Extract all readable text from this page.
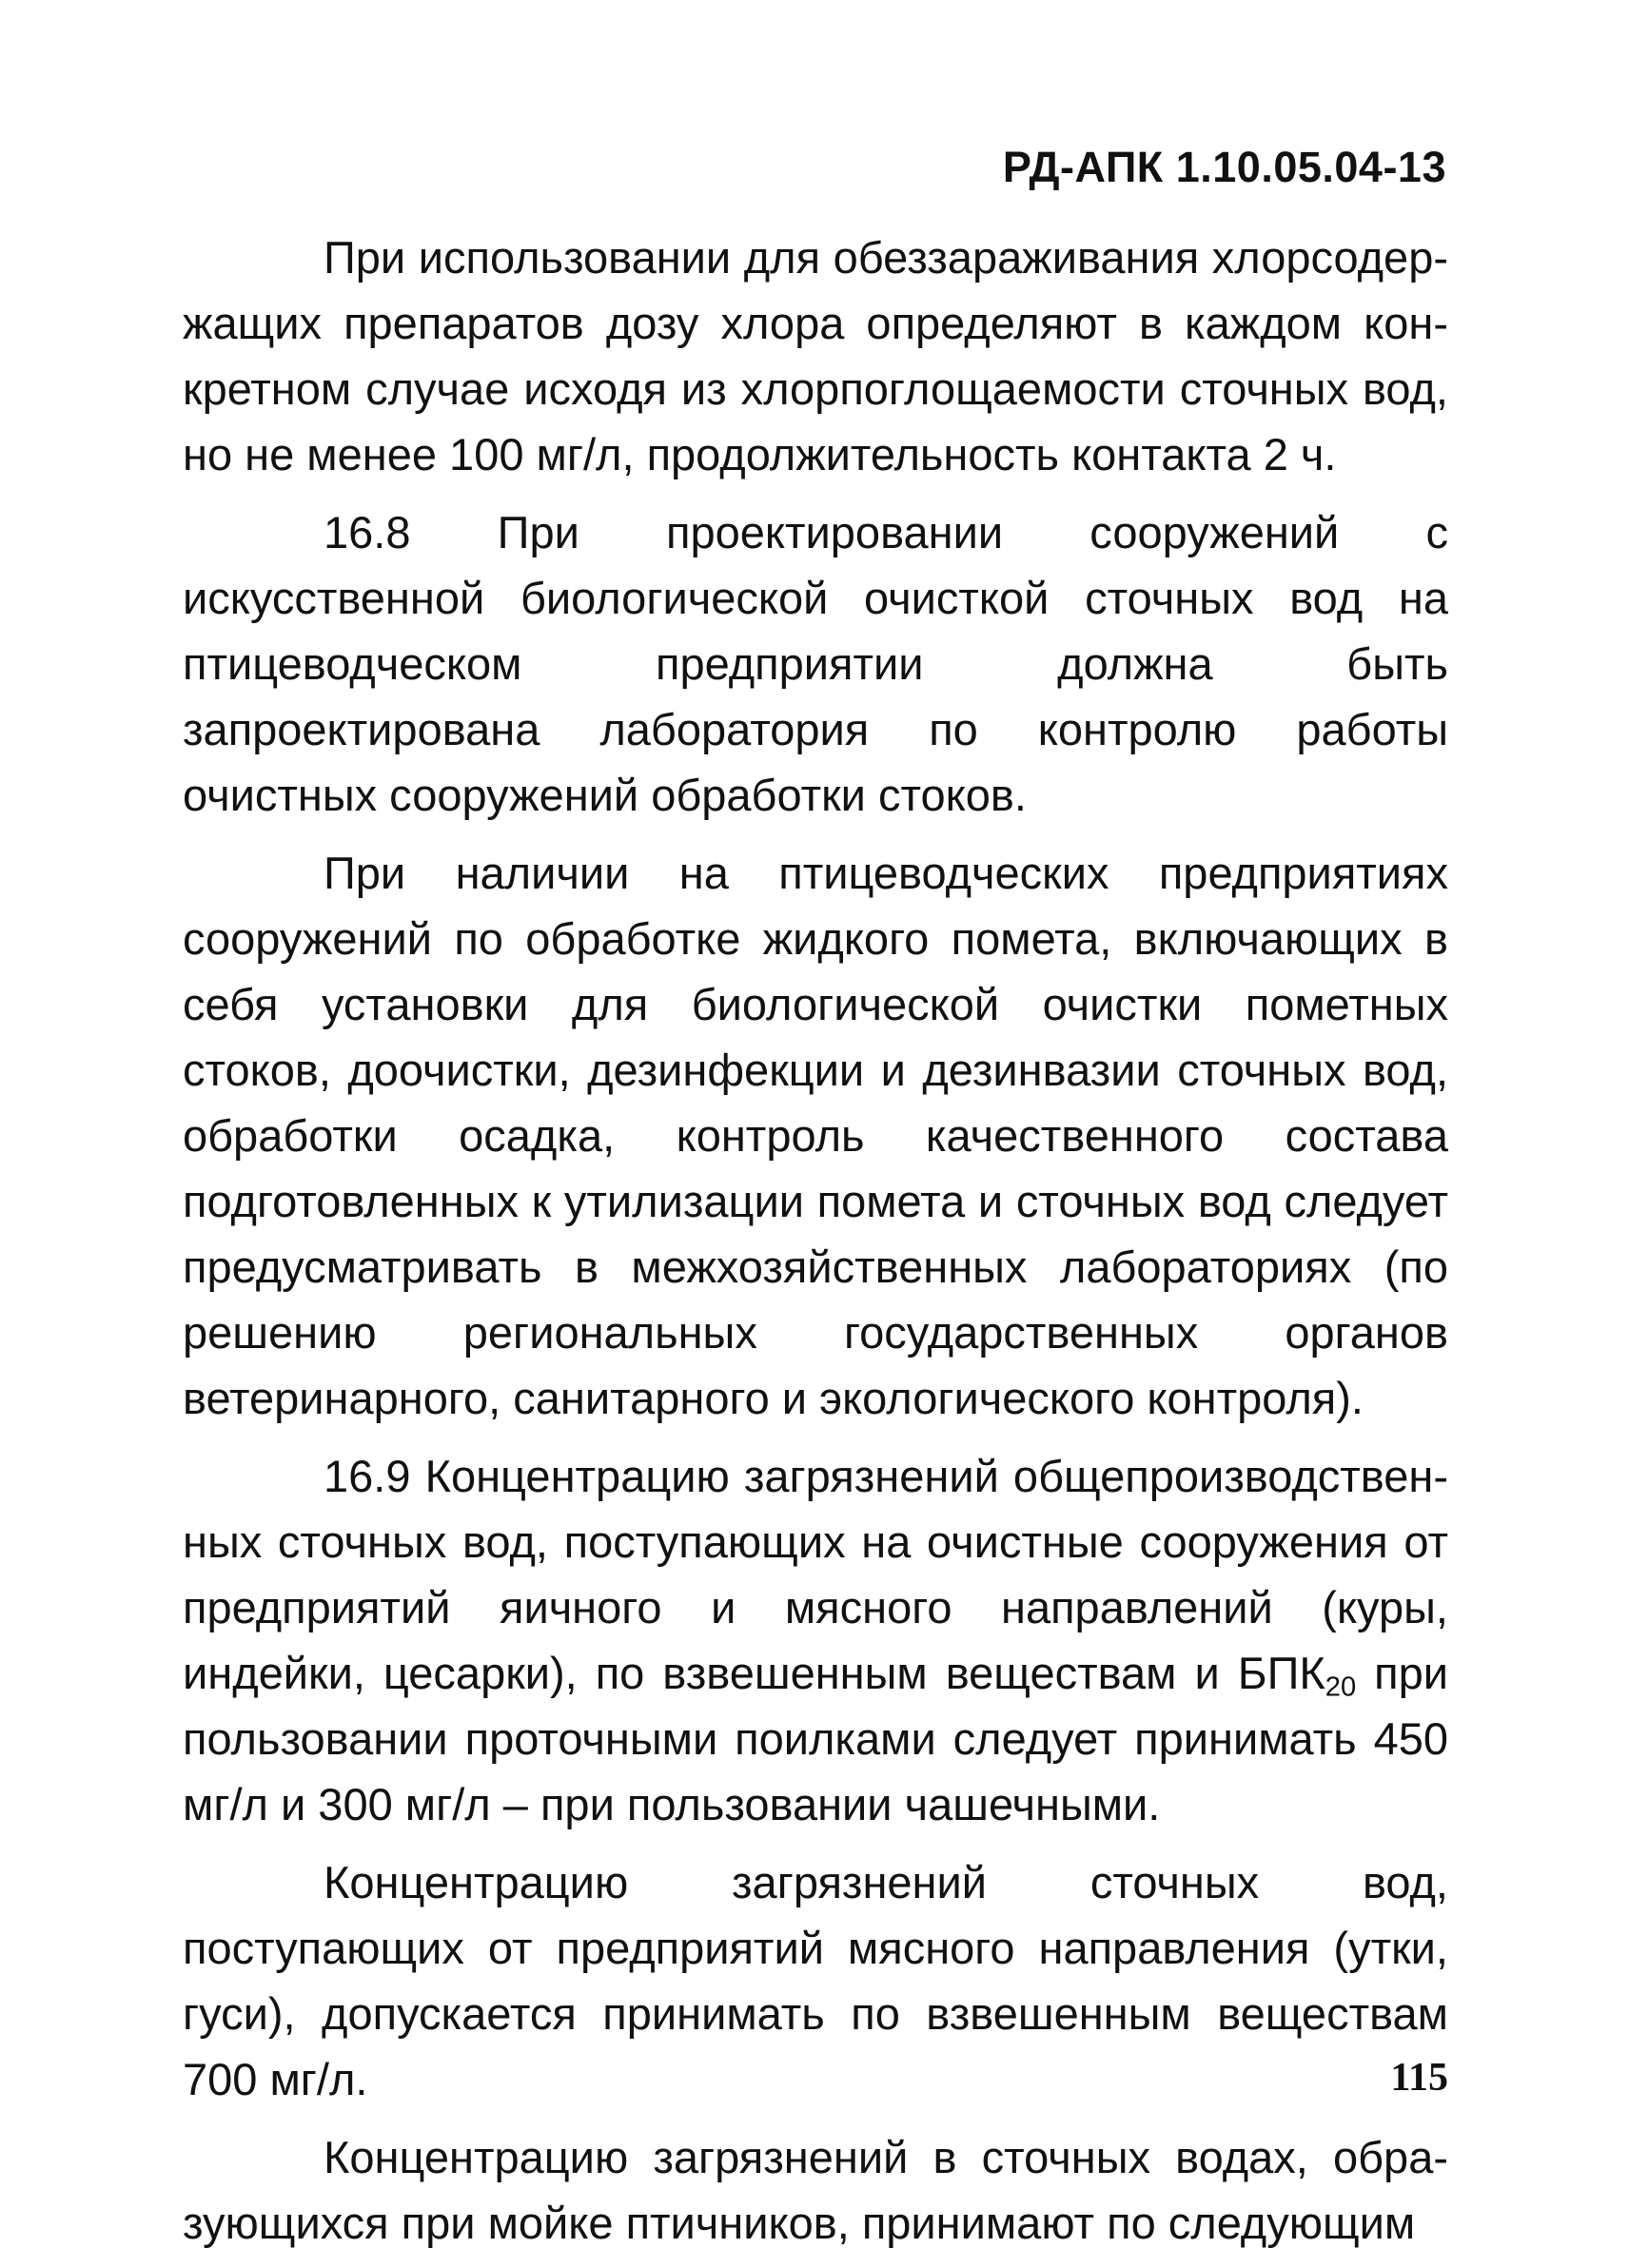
РД-АПК 1.10.05.04-13

При использовании для обеззараживания хлорсодержащих препаратов дозу хлора определяют в каждом конкретном случае исходя из хлорпоглощаемости сточных вод, но не менее 100 мг/л, продолжительность контакта 2 ч.

16.8 При проектировании сооружений с искусственной биологической очисткой сточных вод на птицеводческом предприятии должна быть запроектирована лаборатория по контролю работы очистных сооружений обработки стоков.

При наличии на птицеводческих предприятиях сооружений по обработке жидкого помета, включающих в себя установки для биологической очистки пометных стоков, доочистки, дезинфекции и дезинвазии сточных вод, обработки осадка, контроль качественного состава подготовленных к утилизации помета и сточных вод следует предусматривать в межхозяйственных лабораториях (по решению региональных государственных органов ветеринарного, санитарного и экологического контроля).

16.9 Концентрацию загрязнений общепроизводственных сточных вод, поступающих на очистные сооружения от предприятий яичного и мясного направлений (куры, индейки, цесарки), по взвешенным веществам и $БПК_{20}$ при пользовании проточными поилками следует принимать 450 мг/л и 300 мг/л – при пользовании чашечными.

Концентрацию загрязнений сточных вод, поступающих от предприятий мясного направления (утки, гуси), допускается принимать по взвешенным веществам 700 мг/л.

Концентрацию загрязнений в сточных водах, образующихся при мойке птичников, принимают по следующим

115
